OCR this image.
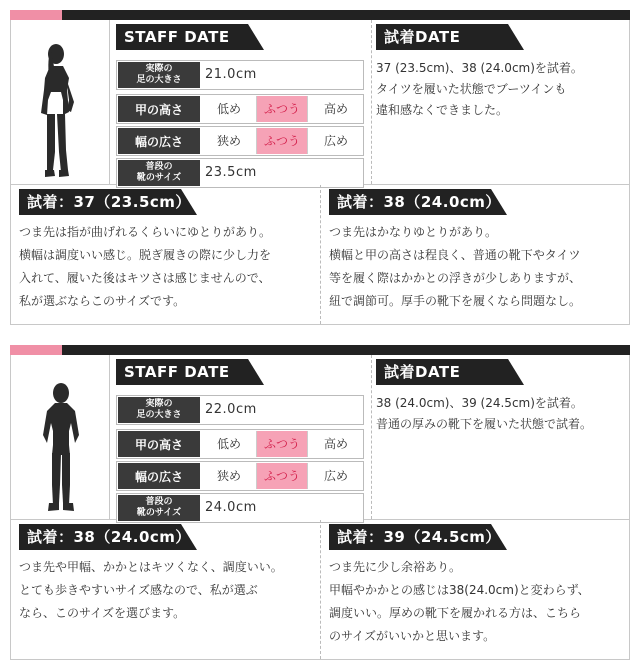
STAFF DATE
実際の
足の大きさ 21.0cm
甲の高さ	低め	ふつう	高め
幅の広さ	狭め	ふつう	広め
普段の
靴のサイズ 23.5cm
試着DATE
37 (23.5cm)、38 (24.0cm)を試着。
タイツを履いた状態でブーツインも
違和感なくできました。
試着：37（23.5cm）
つま先は指が曲げれるくらいにゆとりがあり。
横幅は調度いい感じ。脱ぎ履きの際に少し力を
入れて、履いた後はキツさは感じませんので、
私が選ぶならこのサイズです。
試着：38（24.0cm）
つま先はかなりゆとりがあり。
横幅と甲の高さは程良く、普通の靴下やタイツ
等を履く際はかかとの浮きが少しありますが、
紐で調節可。厚手の靴下を履くなら問題なし。
STAFF DATE
実際の
足の大きさ 22.0cm
甲の高さ	低め	ふつう	高め
幅の広さ	狭め	ふつう	広め
普段の
靴のサイズ 24.0cm
試着DATE
38 (24.0cm)、39 (24.5cm)を試着。
普通の厚みの靴下を履いた状態で試着。
試着：38（24.0cm）
つま先や甲幅、かかとはキツくなく、調度いい。
とても歩きやすいサイズ感なので、私が選ぶ
なら、このサイズを選びます。
試着：39（24.5cm）
つま先に少し余裕あり。
甲幅やかかとの感じは38(24.0cm)と変わらず、
調度いい。厚めの靴下を履かれる方は、こちら
のサイズがいいかと思います。
